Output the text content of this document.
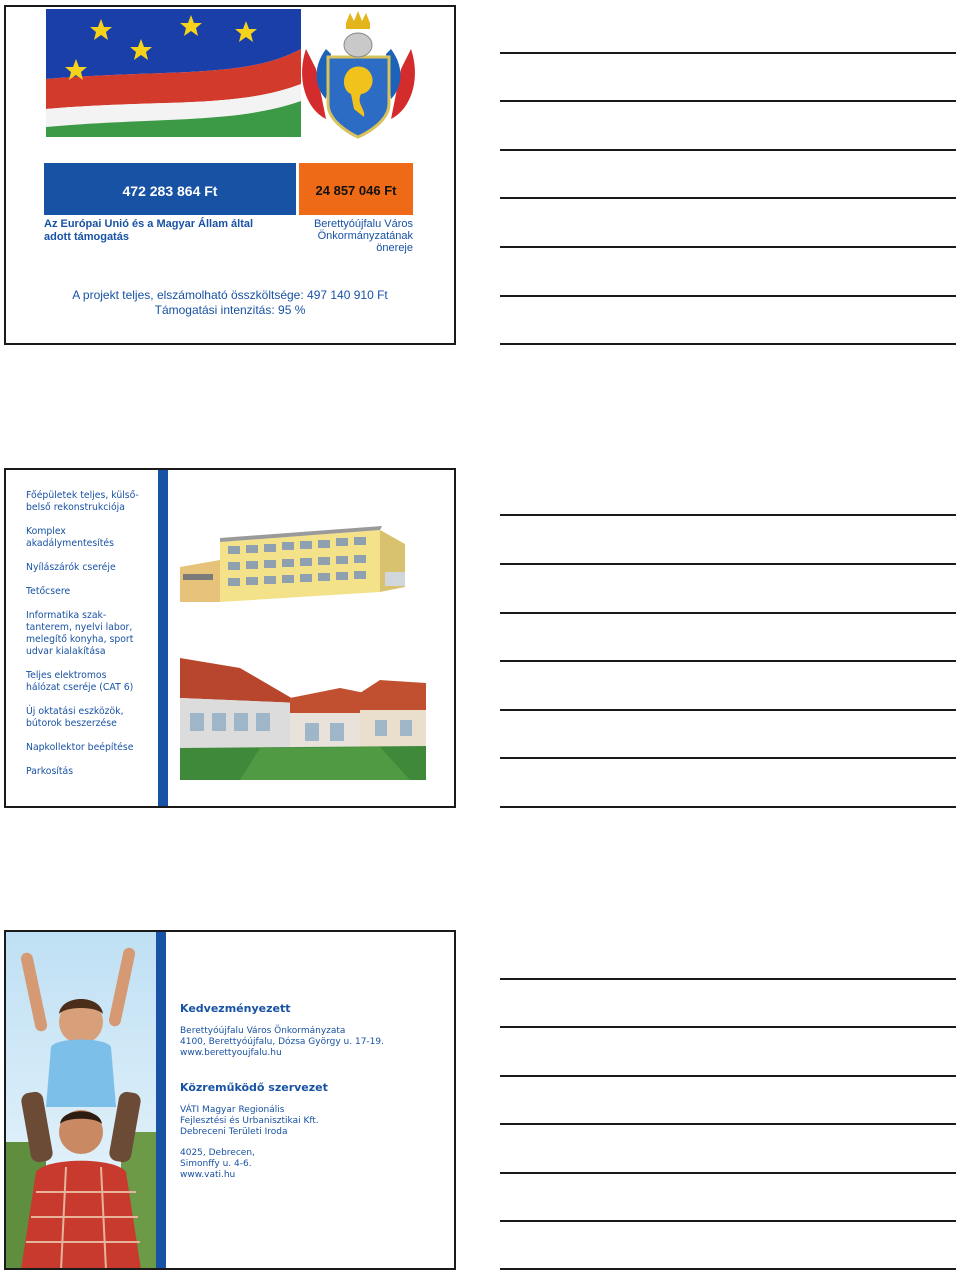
472 283 864 Ft	24 857 046 Ft
Az Európai Unió és a Magyar Állam által
adott támogatás
Berettyóújfalu Város
Önkormányzatának
önereje
A projekt teljes, elszámolható összköltsége: 497 140 910 Ft
Támogatási intenzitás: 95 %
Főépületek teljes, külső-
belső rekonstrukciója
Komplex
akadálymentesítés
Nyílászárók cseréje
Tetőcsere
Informatika szak-
tanterem, nyelvi labor,
melegítő konyha, sport
udvar kialakítása
Teljes elektromos
hálózat cseréje (CAT 6)
Új oktatási eszközök,
bútorok beszerzése
Napkollektor beépítése
Parkosítás
Kedvezményezett

Berettyóújfalu Város Önkormányzata
4100, Berettyóújfalu, Dózsa György u. 17-19.
www.berettyoujfalu.hu

Közreműködő szervezet

VÁTI Magyar Regionális
Fejlesztési és Urbanisztikai Kft.
Debreceni Területi Iroda

4025, Debrecen,
Simonffy u. 4-6.
www.vati.hu
